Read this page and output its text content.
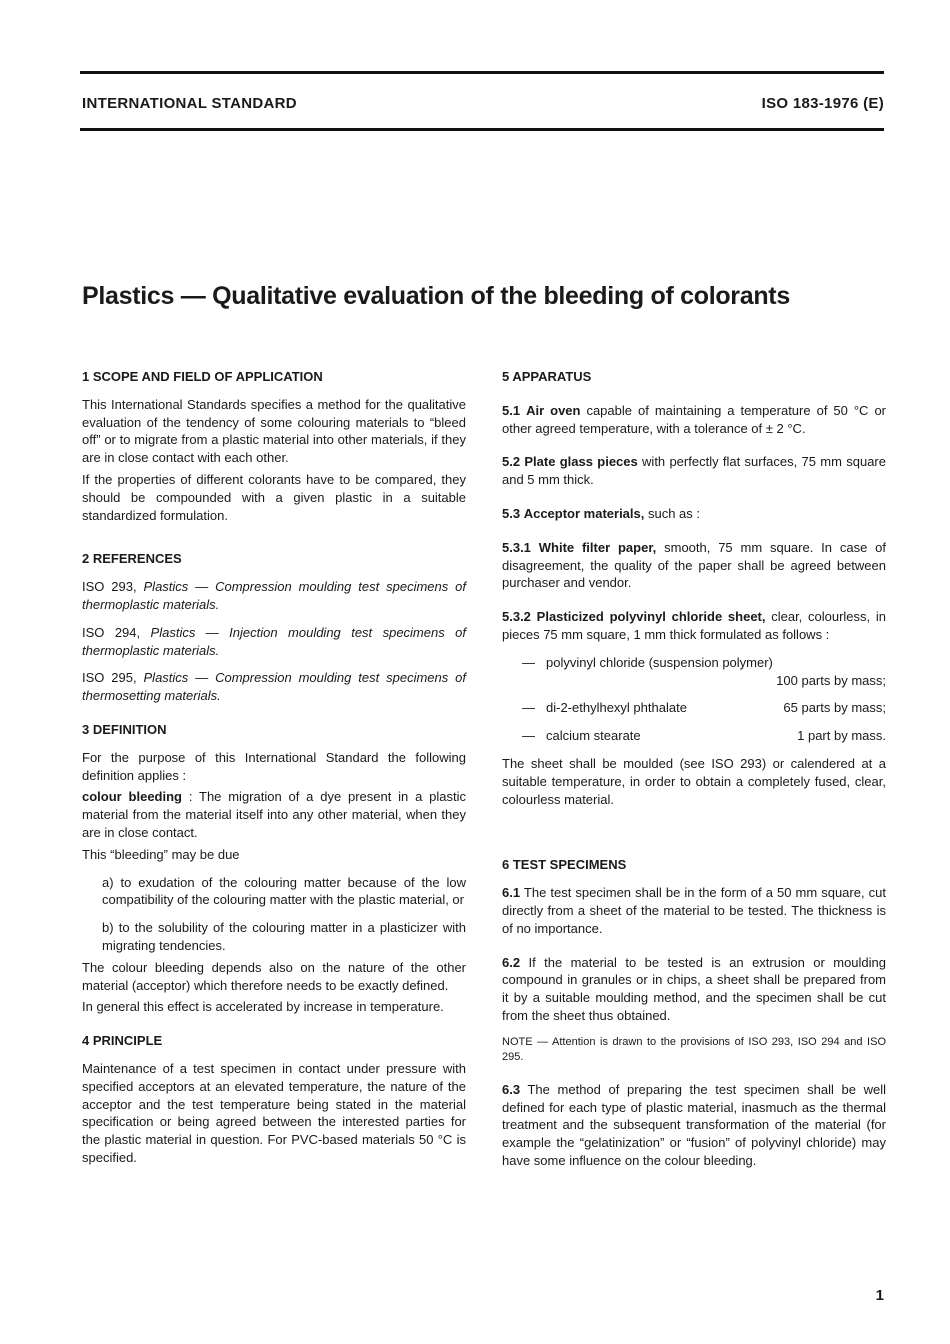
INTERNATIONAL STANDARD	ISO 183-1976 (E)
Plastics — Qualitative evaluation of the bleeding of colorants
1 SCOPE AND FIELD OF APPLICATION

This International Standards specifies a method for the qualitative evaluation of the tendency of some colouring materials to “bleed off” or to migrate from a plastic material into other materials, if they are in close contact with each other.

If the properties of different colorants have to be compared, they should be compounded with a given plastic in a suitable standardized formulation.

2 REFERENCES

ISO 293, Plastics — Compression moulding test specimens of thermoplastic materials.

ISO 294, Plastics — Injection moulding test specimens of thermoplastic materials.

ISO 295, Plastics — Compression moulding test specimens of thermosetting materials.

3 DEFINITION

For the purpose of this International Standard the following definition applies :

colour bleeding : The migration of a dye present in a plastic material from the material itself into any other material, when they are in close contact.

This “bleeding” may be due

a) to exudation of the colouring matter because of the low compatibility of the colouring matter with the plastic material, or

b) to the solubility of the colouring matter in a plasticizer with migrating tendencies.

The colour bleeding depends also on the nature of the other material (acceptor) which therefore needs to be exactly defined.

In general this effect is accelerated by increase in temperature.

4 PRINCIPLE

Maintenance of a test specimen in contact under pressure with specified acceptors at an elevated temperature, the nature of the acceptor and the test temperature being stated in the material specification or being agreed between the interested parties for the plastic material in question. For PVC-based materials 50 °C is specified.

5 APPARATUS

5.1 Air oven capable of maintaining a temperature of 50 °C or other agreed temperature, with a tolerance of ± 2 °C.

5.2 Plate glass pieces with perfectly flat surfaces, 75 mm square and 5 mm thick.

5.3 Acceptor materials, such as :

5.3.1 White filter paper, smooth, 75 mm square. In case of disagreement, the quality of the paper shall be agreed between purchaser and vendor.

5.3.2 Plasticized polyvinyl chloride sheet, clear, colourless, in pieces 75 mm square, 1 mm thick formulated as follows :

— polyvinyl chloride (suspension polymer)
100 parts by mass;
— di-2-ethylhexyl phthalate	65 parts by mass;
— calcium stearate	1 part by mass.

The sheet shall be moulded (see ISO 293) or calendered at a suitable temperature, in order to obtain a completely fused, clear, colourless material.

6 TEST SPECIMENS

6.1 The test specimen shall be in the form of a 50 mm square, cut directly from a sheet of the material to be tested. The thickness is of no importance.

6.2 If the material to be tested is an extrusion or moulding compound in granules or in chips, a sheet shall be prepared from it by a suitable moulding method, and the specimen shall be cut from the sheet thus obtained.

NOTE — Attention is drawn to the provisions of ISO 293, ISO 294 and ISO 295.

6.3 The method of preparing the test specimen shall be well defined for each type of plastic material, inasmuch as the thermal treatment and the subsequent transformation of the material (for example the “gelatinization” or “fusion” of polyvinyl chloride) may have some influence on the colour bleeding.

1
